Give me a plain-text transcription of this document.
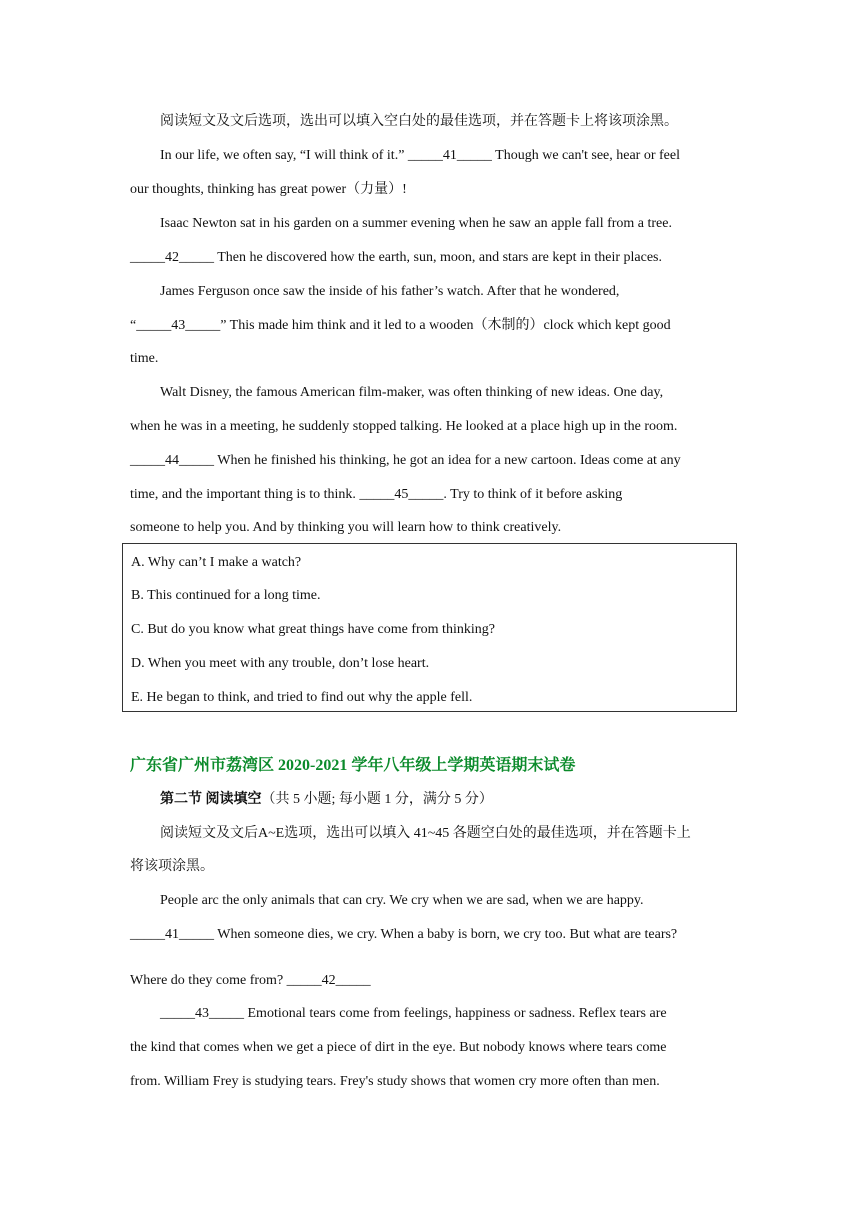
阅读短文及文后选项，选出可以填入空白处的最佳选项，并在答题卡上将该项涂黑。
In our life, we often say, “I will think of it.” _____41_____ Though we can't see, hear or feel
our thoughts, thinking has great power（力量）!
Isaac Newton sat in his garden on a summer evening when he saw an apple fall from a tree.
_____42_____ Then he discovered how the earth, sun, moon, and stars are kept in their places.
James Ferguson once saw the inside of his father’s watch. After that he wondered,
“_____43_____” This made him think and it led to a wooden（木制的）clock which kept good
time.
Walt Disney, the famous American film-maker, was often thinking of new ideas. One day,
when he was in a meeting, he suddenly stopped talking. He looked at a place high up in the room.
_____44_____ When he finished his thinking, he got an idea for a new cartoon. Ideas come at any
time, and the important thing is to think. _____45_____. Try to think of it before asking
someone to help you. And by thinking you will learn how to think creatively.
A. Why can’t I make a watch?
B. This continued for a long time.
C. But do you know what great things have come from thinking?
D. When you meet with any trouble, don’t lose heart.
E. He began to think, and tried to find out why the apple fell.
广东省广州市荔湾区 2020-2021 学年八年级上学期英语期末试卷
第二节 阅读填空（共 5 小题; 每小题 1 分，满分 5 分）
阅读短文及文后A~E选项，选出可以填入 41~45 各题空白处的最佳选项，并在答题卡上
将该项涂黑。
People arc the only animals that can cry. We cry when we are sad, when we are happy.
_____41_____ When someone dies, we cry. When a baby is born, we cry too. But what are tears?
Where do they come from? _____42_____
_____43_____ Emotional tears come from feelings, happiness or sadness. Reflex tears are
the kind that comes when we get a piece of dirt in the eye. But nobody knows where tears come
from. William Frey is studying tears. Frey's study shows that women cry more often than men.
